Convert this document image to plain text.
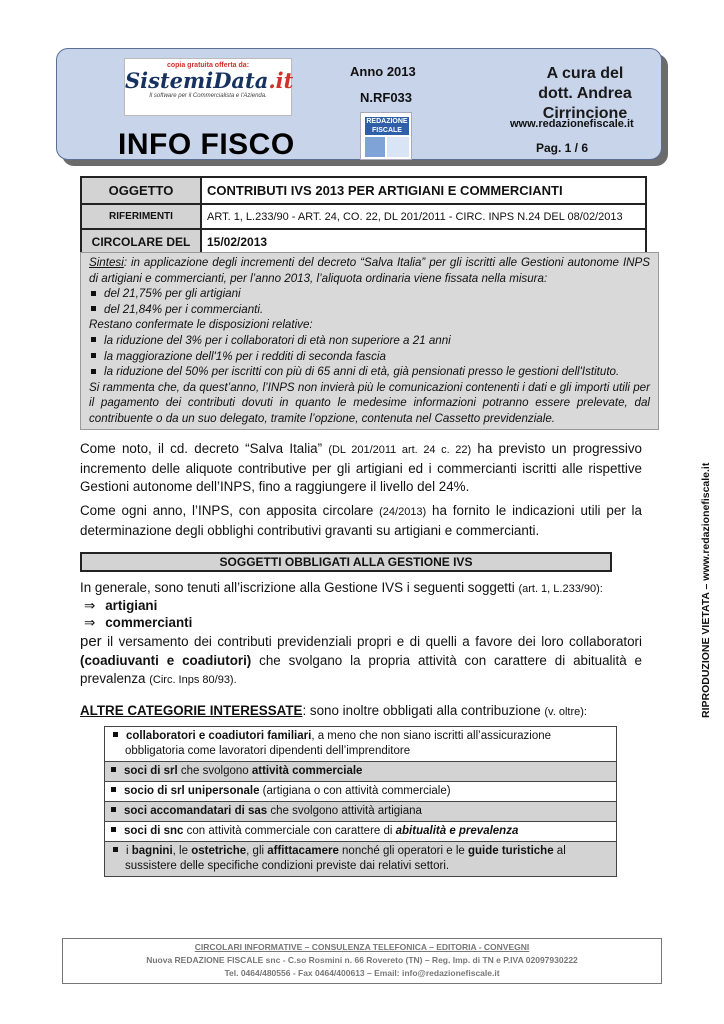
copia gratuita offerta da:
SistemiData.it
Il software per il Commercialista e l'Azienda.
INFO FISCO
Anno 2013
N.RF033
REDAZIONE FISCALE
A cura del
dott. Andrea Cirrincione
www.redazionefiscale.it
Pag. 1 / 6
OGGETTO	CONTRIBUTI IVS 2013 PER ARTIGIANI E COMMERCIANTI
RIFERIMENTI	ART. 1, L.233/90 - ART. 24, CO. 22, DL 201/2011 - CIRC. INPS N.24 DEL 08/02/2013
CIRCOLARE DEL	15/02/2013
Sintesi: in applicazione degli incrementi del decreto “Salva Italia” per gli iscritti alle Gestioni autonome INPS di artigiani e commercianti, per l’anno 2013, l’aliquota ordinaria viene fissata nella misura:
del 21,75% per gli artigiani
del 21,84% per i commercianti.
Restano confermate le disposizioni relative:
la riduzione del 3% per i collaboratori di età non superiore a 21 anni
la maggiorazione dell'1% per i redditi di seconda fascia
la riduzione del 50% per iscritti con più di 65 anni di età, già pensionati presso le gestioni dell'Istituto.
Si rammenta che, da quest’anno, l’INPS non invierà più le comunicazioni contenenti i dati e gli importi utili per il pagamento dei contributi dovuti in quanto le medesime informazioni potranno essere prelevate, dal contribuente o da un suo delegato, tramite l’opzione, contenuta nel Cassetto previdenziale.
Come noto, il cd. decreto “Salva Italia” (DL 201/2011 art. 24 c. 22) ha previsto un progressivo incremento delle aliquote contributive per gli artigiani ed i commercianti iscritti alle rispettive Gestioni autonome dell’INPS, fino a raggiungere il livello del 24%.
Come ogni anno, l’INPS, con apposita circolare (24/2013) ha fornito le indicazioni utili per la determinazione degli obblighi contributivi gravanti su artigiani e commercianti.
SOGGETTI OBBLIGATI ALLA GESTIONE IVS
In generale, sono tenuti all’iscrizione alla Gestione IVS i seguenti soggetti (art. 1, L.233/90):
⇒ artigiani
⇒ commercianti
per il versamento dei contributi previdenziali propri e di quelli a favore dei loro collaboratori (coadiuvanti e coadiutori) che svolgano la propria attività con carattere di abitualità e prevalenza (Circ. Inps 80/93).
ALTRE CATEGORIE INTERESSATE: sono inoltre obbligati alla contribuzione (v. oltre):
collaboratori e coadiutori familiari, a meno che non siano iscritti all’assicurazione obbligatoria come lavoratori dipendenti dell’imprenditore
soci di srl che svolgono attività commerciale
socio di srl unipersonale (artigiana o con attività commerciale)
soci accomandatari di sas che svolgono attività artigiana
soci di snc con attività commerciale con carattere di abitualità e prevalenza
i bagnini, le ostetriche, gli affittacamere nonché gli operatori e le guide turistiche al sussistere delle specifiche condizioni previste dai relativi settori.
RIPRODUZIONE VIETATA – www.redazionefiscale.it
CIRCOLARI INFORMATIVE – CONSULENZA TELEFONICA – EDITORIA - CONVEGNI
Nuova REDAZIONE FISCALE snc - C.so Rosmini n. 66 Rovereto (TN) – Reg. Imp. di TN e P.IVA 02097930222
Tel. 0464/480556 - Fax 0464/400613 – Email: info@redazionefiscale.it
